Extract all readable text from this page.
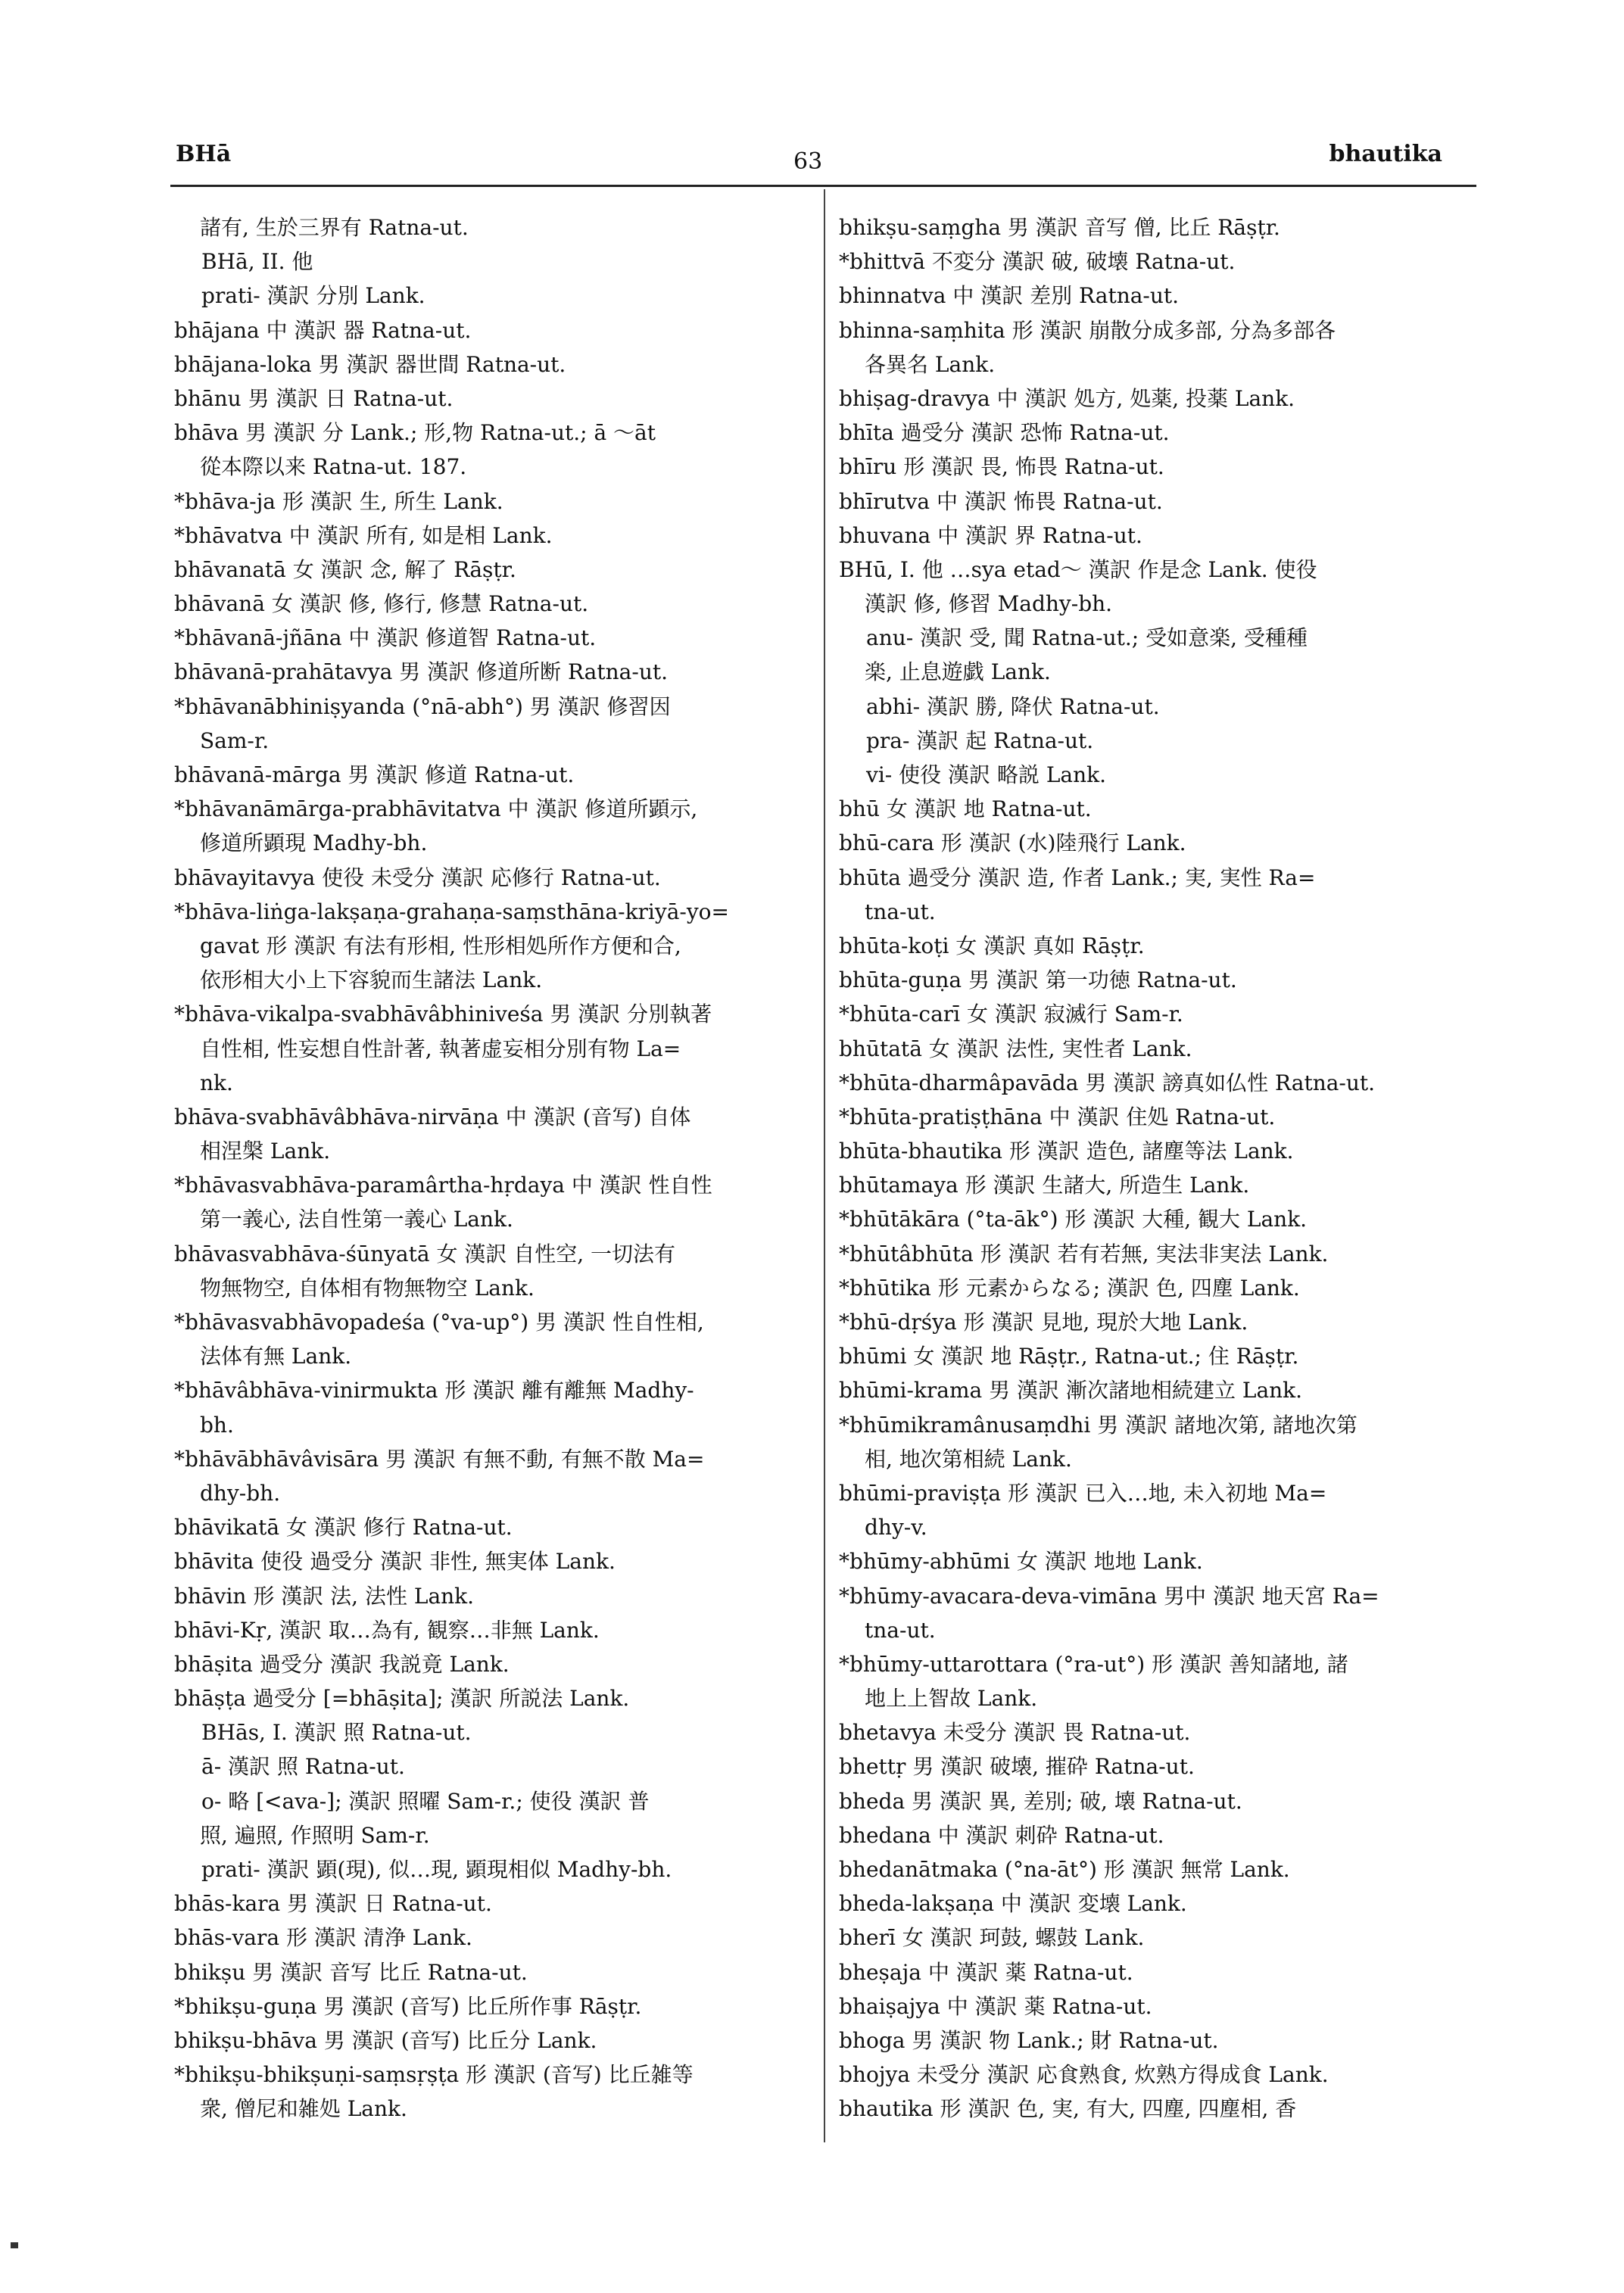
BHā	63	bhautika
諸有, 生於三界有 Ratna-ut.
BHā, II. 他
prati- 漢訳 分別 Lank.
bhājana 中 漢訳 器 Ratna-ut.
bhājana-loka 男 漢訳 器世間 Ratna-ut.
bhānu 男 漢訳 日 Ratna-ut.
bhāva 男 漢訳 分 Lank.; 形,物 Ratna-ut.; ā ～āt
從本際以来 Ratna-ut. 187.
*bhāva-ja 形 漢訳 生, 所生 Lank.
*bhāvatva 中 漢訳 所有, 如是相 Lank.
bhāvanatā 女 漢訳 念, 解了 Rāṣṭr.
bhāvanā 女 漢訳 修, 修行, 修慧 Ratna-ut.
*bhāvanā-jñāna 中 漢訳 修道智 Ratna-ut.
bhāvanā-prahātavya 男 漢訳 修道所断 Ratna-ut.
*bhāvanābhiniṣyanda (°nā-abh°) 男 漢訳 修習因
Sam-r.
bhāvanā-mārga 男 漢訳 修道 Ratna-ut.
*bhāvanāmārga-prabhāvitatva 中 漢訳 修道所顕示,
修道所顕現 Madhy-bh.
bhāvayitavya 使役 未受分 漢訳 応修行 Ratna-ut.
*bhāva-liṅga-lakṣaṇa-grahaṇa-saṃsthāna-kriyā-yo=
gavat 形 漢訳 有法有形相, 性形相処所作方便和合,
依形相大小上下容貌而生諸法 Lank.
*bhāva-vikalpa-svabhāvâbhiniveśa 男 漢訳 分別執著
自性相, 性妄想自性計著, 執著虚妄相分別有物 La=
nk.
bhāva-svabhāvâbhāva-nirvāṇa 中 漢訳 (音写) 自体
相涅槃 Lank.
*bhāvasvabhāva-paramârtha-hṛdaya 中 漢訳 性自性
第一義心, 法自性第一義心 Lank.
bhāvasvabhāva-śūnyatā 女 漢訳 自性空, 一切法有
物無物空, 自体相有物無物空 Lank.
*bhāvasvabhāvopadeśa (°va-up°) 男 漢訳 性自性相,
法体有無 Lank.
*bhāvâbhāva-vinirmukta 形 漢訳 離有離無 Madhy-
bh.
*bhāvābhāvâvisāra 男 漢訳 有無不動, 有無不散 Ma=
dhy-bh.
bhāvikatā 女 漢訳 修行 Ratna-ut.
bhāvita 使役 過受分 漢訳 非性, 無実体 Lank.
bhāvin 形 漢訳 法, 法性 Lank.
bhāvi-Kṛ, 漢訳 取…為有, 観察…非無 Lank.
bhāṣita 過受分 漢訳 我説竟 Lank.
bhāṣṭa 過受分 [=bhāṣita]; 漢訳 所説法 Lank.
BHās, I. 漢訳 照 Ratna-ut.
ā- 漢訳 照 Ratna-ut.
o- 略 [<ava-]; 漢訳 照曜 Sam-r.; 使役 漢訳 普
照, 遍照, 作照明 Sam-r.
prati- 漢訳 顕(現), 似…現, 顕現相似 Madhy-bh.
bhās-kara 男 漢訳 日 Ratna-ut.
bhās-vara 形 漢訳 清浄 Lank.
bhikṣu 男 漢訳 音写 比丘 Ratna-ut.
*bhikṣu-guṇa 男 漢訳 (音写) 比丘所作事 Rāṣṭr.
bhikṣu-bhāva 男 漢訳 (音写) 比丘分 Lank.
*bhikṣu-bhikṣuṇi-saṃsṛṣṭa 形 漢訳 (音写) 比丘雑等
衆, 僧尼和雑処 Lank.
bhikṣu-saṃgha 男 漢訳 音写 僧, 比丘 Rāṣṭr.
*bhittvā 不変分 漢訳 破, 破壊 Ratna-ut.
bhinnatva 中 漢訳 差別 Ratna-ut.
bhinna-saṃhita 形 漢訳 崩散分成多部, 分為多部各
各異名 Lank.
bhiṣag-dravya 中 漢訳 処方, 処薬, 投薬 Lank.
bhīta 過受分 漢訳 恐怖 Ratna-ut.
bhīru 形 漢訳 畏, 怖畏 Ratna-ut.
bhīrutva 中 漢訳 怖畏 Ratna-ut.
bhuvana 中 漢訳 界 Ratna-ut.
BHū, I. 他 …sya etad～ 漢訳 作是念 Lank. 使役
漢訳 修, 修習 Madhy-bh.
anu- 漢訳 受, 聞 Ratna-ut.; 受如意楽, 受種種
楽, 止息遊戯 Lank.
abhi- 漢訳 勝, 降伏 Ratna-ut.
pra- 漢訳 起 Ratna-ut.
vi- 使役 漢訳 略説 Lank.
bhū 女 漢訳 地 Ratna-ut.
bhū-cara 形 漢訳 (水)陸飛行 Lank.
bhūta 過受分 漢訳 造, 作者 Lank.; 実, 実性 Ra=
tna-ut.
bhūta-koṭi 女 漢訳 真如 Rāṣṭr.
bhūta-guṇa 男 漢訳 第一功徳 Ratna-ut.
*bhūta-carī 女 漢訳 寂滅行 Sam-r.
bhūtatā 女 漢訳 法性, 実性者 Lank.
*bhūta-dharmâpavāda 男 漢訳 謗真如仏性 Ratna-ut.
*bhūta-pratiṣṭhāna 中 漢訳 住処 Ratna-ut.
bhūta-bhautika 形 漢訳 造色, 諸塵等法 Lank.
bhūtamaya 形 漢訳 生諸大, 所造生 Lank.
*bhūtākāra (°ta-āk°) 形 漢訳 大種, 観大 Lank.
*bhūtâbhūta 形 漢訳 若有若無, 実法非実法 Lank.
*bhūtika 形 元素からなる; 漢訳 色, 四塵 Lank.
*bhū-dṛśya 形 漢訳 見地, 現於大地 Lank.
bhūmi 女 漢訳 地 Rāṣṭr., Ratna-ut.; 住 Rāṣṭr.
bhūmi-krama 男 漢訳 漸次諸地相続建立 Lank.
*bhūmikramânusaṃdhi 男 漢訳 諸地次第, 諸地次第
相, 地次第相続 Lank.
bhūmi-praviṣṭa 形 漢訳 已入…地, 未入初地 Ma=
dhy-v.
*bhūmy-abhūmi 女 漢訳 地地 Lank.
*bhūmy-avacara-deva-vimāna 男中 漢訳 地天宮 Ra=
tna-ut.
*bhūmy-uttarottara (°ra-ut°) 形 漢訳 善知諸地, 諸
地上上智故 Lank.
bhetavya 未受分 漢訳 畏 Ratna-ut.
bhettṛ 男 漢訳 破壊, 摧砕 Ratna-ut.
bheda 男 漢訳 異, 差別; 破, 壊 Ratna-ut.
bhedana 中 漢訳 刺砕 Ratna-ut.
bhedanātmaka (°na-āt°) 形 漢訳 無常 Lank.
bheda-lakṣaṇa 中 漢訳 変壊 Lank.
bherī 女 漢訳 珂鼓, 螺鼓 Lank.
bheṣaja 中 漢訳 薬 Ratna-ut.
bhaiṣajya 中 漢訳 薬 Ratna-ut.
bhoga 男 漢訳 物 Lank.; 財 Ratna-ut.
bhojya 未受分 漢訳 応食熟食, 炊熟方得成食 Lank.
bhautika 形 漢訳 色, 実, 有大, 四塵, 四塵相, 香
